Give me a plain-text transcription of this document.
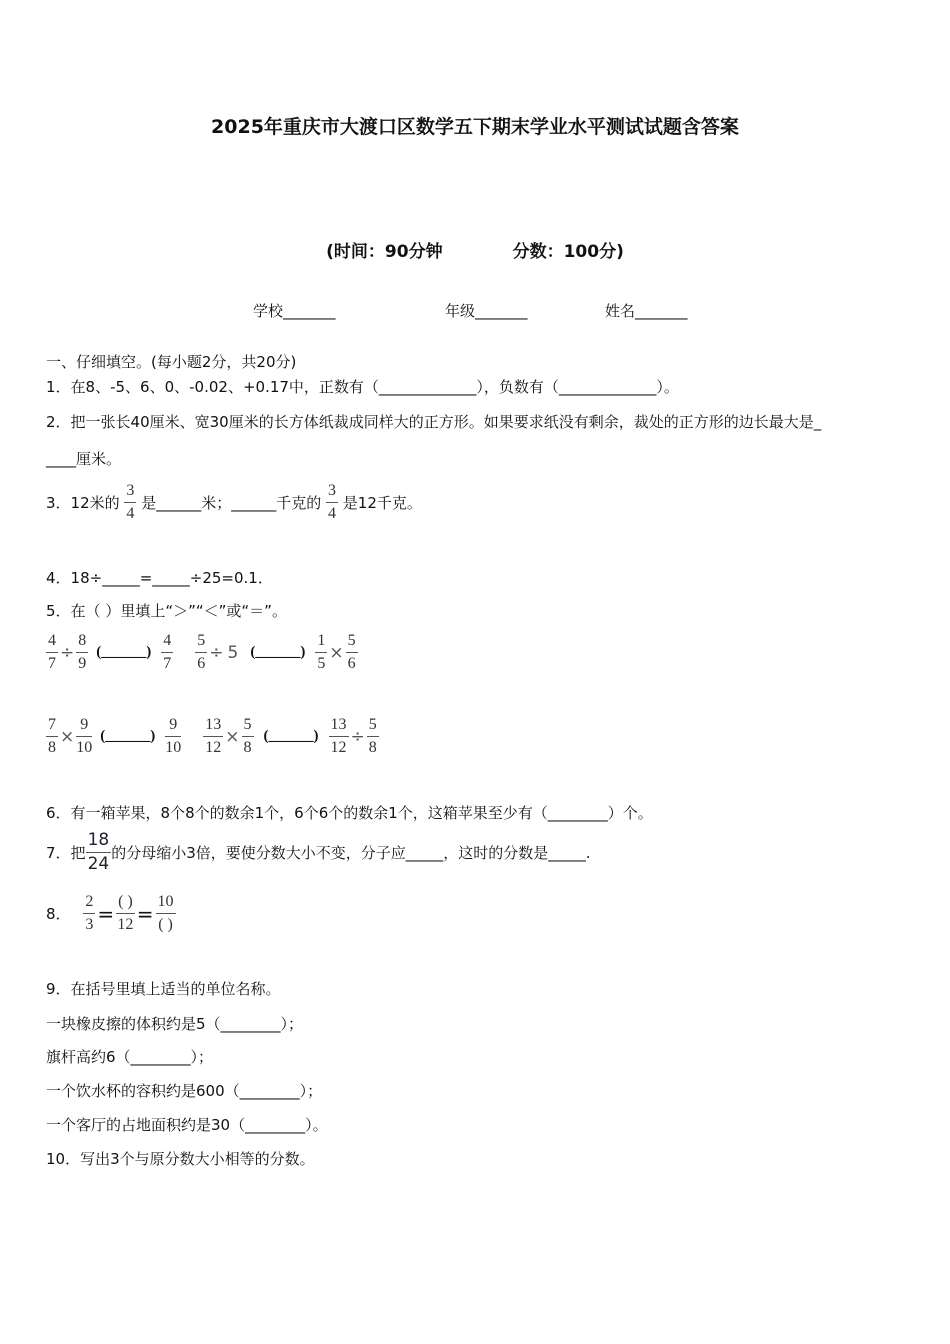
2025年重庆市大渡口区数学五下期末学业水平测试试题含答案
(时间：90分钟	分数：100分)
学校_______	年级_______	姓名_______
一、仔细填空。(每小题2分，共20分)
1．在8、-5、6、0、-0.02、+0.17中，正数有（_____________），负数有（_____________）。
2．把一张长40厘米、宽30厘米的长方体纸裁成同样大的正方形。如果要求纸没有剩余，裁处的正方形的边长最大是_
____厘米。
3．12米的 $\frac{3}{4}$ 是______米；______千克的 $\frac{3}{4}$ 是12千克。
4．18÷_____=_____÷25=0.1．
5．在（ ）里填上“＞”“＜”或“＝”。
$\frac{4}{7} \div \frac{8}{9}$ (______) $\frac{4}{7}$
$\frac{5}{6} \div 5$ (______) $\frac{1}{5} \times \frac{5}{6}$
$\frac{7}{8} \times \frac{9}{10}$ (______) $\frac{9}{10}$
$\frac{13}{12} \times \frac{5}{8}$ (______) $\frac{13}{12} \div \frac{5}{8}$
6．有一箱苹果，8个8个的数余1个，6个6个的数余1个，这箱苹果至少有（________）个。
7．把 $\frac{18}{24}$ 的分母缩小3倍，要使分数大小不变，分子应_____，这时的分数是_____.
8． $\frac{2}{3} = \frac{( )}{12} = \frac{10}{( )}$
9．在括号里填上适当的单位名称。
一块橡皮擦的体积约是5（________）；
旗杆高约6（________）；
一个饮水杯的容积约是600（________）；
一个客厅的占地面积约是30（________）。
10．写出3个与原分数大小相等的分数。
